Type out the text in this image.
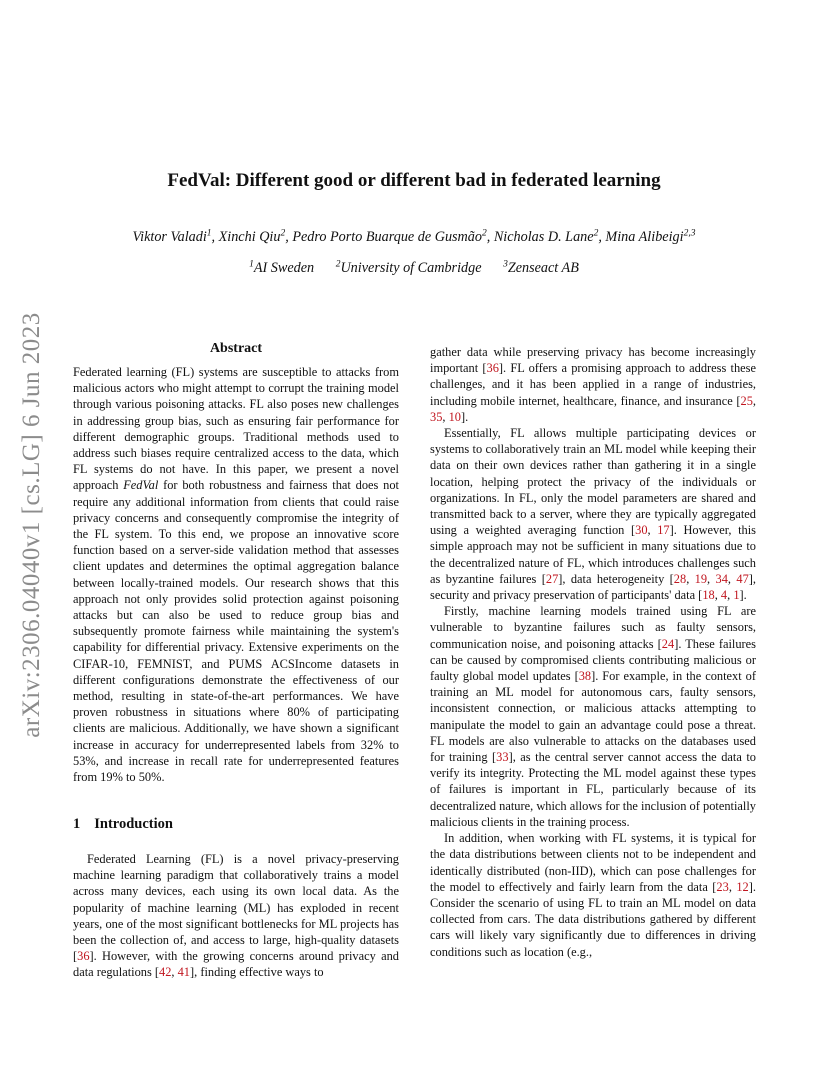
arXiv:2306.04040v1 [cs.LG] 6 Jun 2023
FedVal: Different good or different bad in federated learning
Viktor Valadi$^1$, Xinchi Qiu$^2$, Pedro Porto Buarque de Gusmão$^2$, Nicholas D. Lane$^2$, Mina Alibeigi$^{2,3}$
$^1$AI Sweden $^2$University of Cambridge $^3$Zenseact AB
Abstract

Federated learning (FL) systems are susceptible to attacks from malicious actors who might attempt to corrupt the training model through various poisoning attacks. FL also poses new challenges in addressing group bias, such as ensuring fair performance for different demographic groups. Traditional methods used to address such biases require centralized access to the data, which FL systems do not have. In this paper, we present a novel approach FedVal for both robustness and fairness that does not require any additional information from clients that could raise privacy concerns and consequently compromise the integrity of the FL system. To this end, we propose an innovative score function based on a server-side validation method that assesses client updates and determines the optimal aggregation balance between locally-trained models. Our research shows that this approach not only provides solid protection against poisoning attacks but can also be used to reduce group bias and subsequently promote fairness while maintaining the system's capability for differential privacy. Extensive experiments on the CIFAR-10, FEMNIST, and PUMS ACSIncome datasets in different configurations demonstrate the effectiveness of our method, resulting in state-of-the-art performances. We have proven robustness in situations where 80% of participating clients are malicious. Additionally, we have shown a significant increase in accuracy for underrepresented labels from 32% to 53%, and increase in recall rate for underrepresented features from 19% to 50%.

1 Introduction

Federated Learning (FL) is a novel privacy-preserving machine learning paradigm that collaboratively trains a model across many devices, each using its own local data. As the popularity of machine learning (ML) has exploded in recent years, one of the most significant bottlenecks for ML projects has been the collection of, and access to large, high-quality datasets [36]. However, with the growing concerns around privacy and data regulations [42, 41], finding effective ways to

gather data while preserving privacy has become increasingly important [36]. FL offers a promising approach to address these challenges, and it has been applied in a range of industries, including mobile internet, healthcare, finance, and insurance [25, 35, 10].

Essentially, FL allows multiple participating devices or systems to collaboratively train an ML model while keeping their data on their own devices rather than gathering it in a single location, helping protect the privacy of the individuals or organizations. In FL, only the model parameters are shared and transmitted back to a server, where they are typically aggregated using a weighted averaging function [30, 17]. However, this simple approach may not be sufficient in many situations due to the decentralized nature of FL, which introduces challenges such as byzantine failures [27], data heterogeneity [28, 19, 34, 47], security and privacy preservation of participants' data [18, 4, 1].

Firstly, machine learning models trained using FL are vulnerable to byzantine failures such as faulty sensors, communication noise, and poisoning attacks [24]. These failures can be caused by compromised clients contributing malicious or faulty global model updates [38]. For example, in the context of training an ML model for autonomous cars, faulty sensors, inconsistent connection, or malicious attacks attempting to manipulate the model to gain an advantage could pose a threat. FL models are also vulnerable to attacks on the databases used for training [33], as the central server cannot access the data to verify its integrity. Protecting the ML model against these types of failures is important in FL, particularly because of its decentralized nature, which allows for the inclusion of potentially malicious clients in the training process.

In addition, when working with FL systems, it is typical for the data distributions between clients not to be independent and identically distributed (non-IID), which can pose challenges for the model to effectively and fairly learn from the data [23, 12]. Consider the scenario of using FL to train an ML model on data collected from cars. The data distributions gathered by different cars will likely vary significantly due to differences in driving conditions such as location (e.g.,
